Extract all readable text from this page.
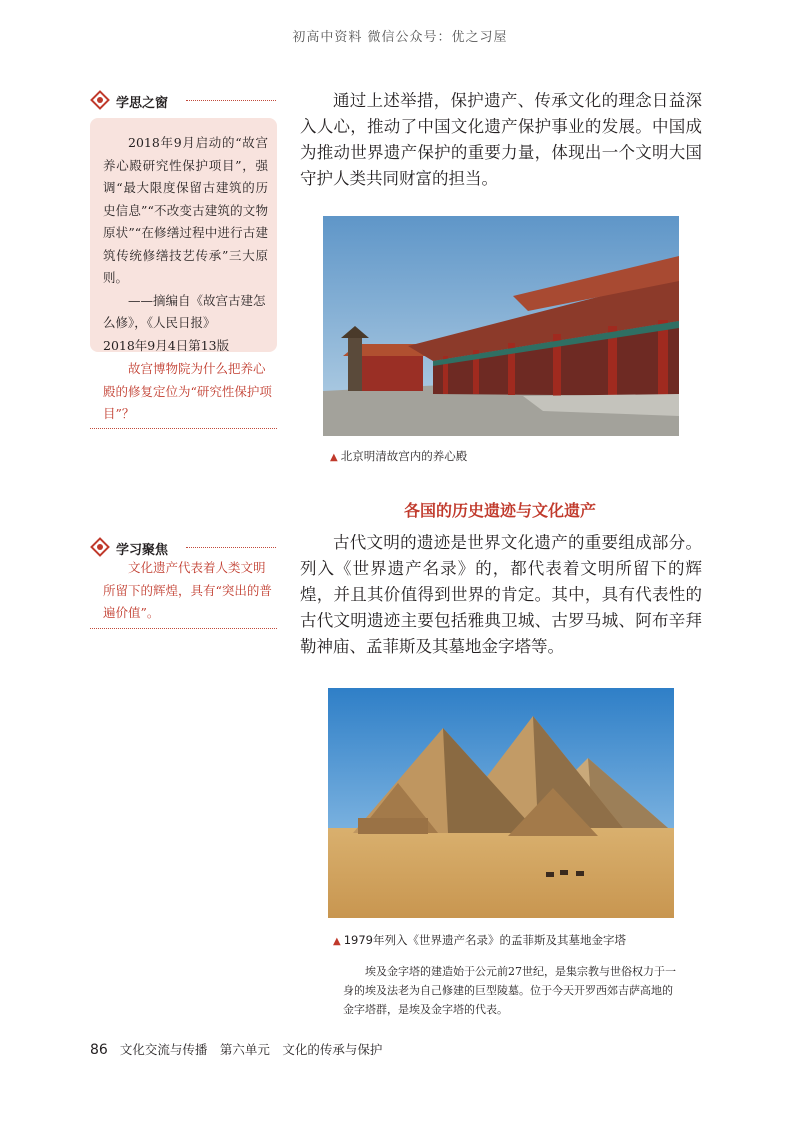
初高中资料 微信公众号：优之习屋
学思之窗
2018年9月启动的“故宫养心殿研究性保护项目”，强调“最大限度保留古建筑的历史信息”“不改变古建筑的文物原状”“在修缮过程中进行古建筑传统修缮技艺传承”三大原则。
——摘编自《故宫古建怎么修》，《人民日报》
2018年9月4日第13版
故宫博物院为什么把养心殿的修复定位为“研究性保护项目”？
学习聚焦
文化遗产代表着人类文明所留下的辉煌，具有“突出的普遍价值”。

通过上述举措，保护遗产、传承文化的理念日益深入人心，推动了中国文化遗产保护事业的发展。中国成为推动世界遗产保护的重要力量，体现出一个文明大国守护人类共同财富的担当。

▲ 北京明清故宫内的养心殿
各国的历史遗迹与文化遗产

古代文明的遗迹是世界文化遗产的重要组成部分。列入《世界遗产名录》的，都代表着文明所留下的辉煌，并且其价值得到世界的肯定。其中，具有代表性的古代文明遗迹主要包括雅典卫城、古罗马城、阿布辛拜勒神庙、孟菲斯及其墓地金字塔等。

▲ 1979年列入《世界遗产名录》的孟菲斯及其墓地金字塔
埃及金字塔的建造始于公元前27世纪，是集宗教与世俗权力于一身的埃及法老为自己修建的巨型陵墓。位于今天开罗西郊吉萨高地的金字塔群，是埃及金字塔的代表。
86 文化交流与传播　第六单元　文化的传承与保护
